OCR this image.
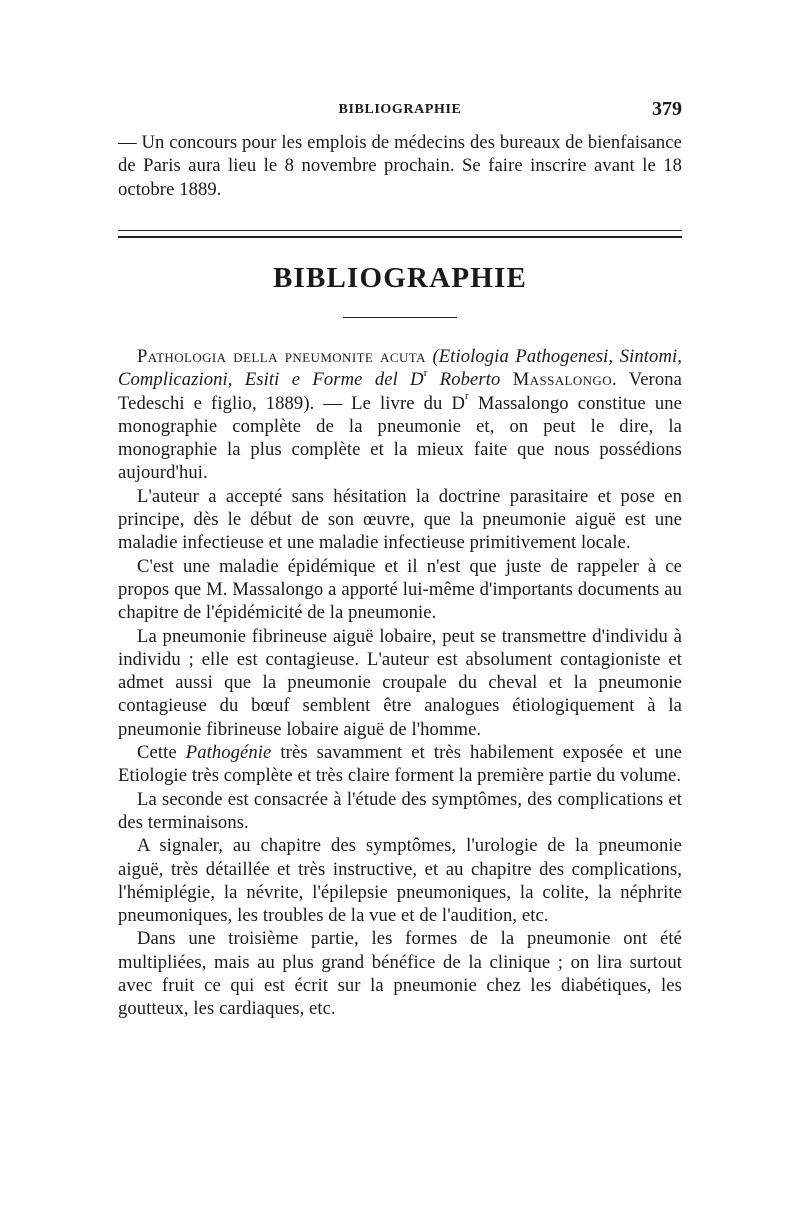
BIBLIOGRAPHIE	379

— Un concours pour les emplois de médecins des bureaux de bienfaisance de Paris aura lieu le 8 novembre prochain. Se faire inscrire avant le 18 octobre 1889.

BIBLIOGRAPHIE

Pathologia della pneumonite acuta (Etiologia Pathogenesi, Sintomi, Complicazioni, Esiti e Forme del $D^r$ Roberto Massalongo. Verona Tedeschi e figlio, 1889). — Le livre du $D^r$ Massalongo constitue une monographie complète de la pneumonie et, on peut le dire, la monographie la plus complète et la mieux faite que nous possédions aujourd'hui.

L'auteur a accepté sans hésitation la doctrine parasitaire et pose en principe, dès le début de son œuvre, que la pneumonie aiguë est une maladie infectieuse et une maladie infectieuse primitivement locale.

C'est une maladie épidémique et il n'est que juste de rappeler à ce propos que M. Massalongo a apporté lui-même d'importants documents au chapitre de l'épidémicité de la pneumonie.

La pneumonie fibrineuse aiguë lobaire, peut se transmettre d'individu à individu ; elle est contagieuse. L'auteur est absolument contagioniste et admet aussi que la pneumonie croupale du cheval et la pneumonie contagieuse du bœuf semblent être analogues étiologiquement à la pneumonie fibrineuse lobaire aiguë de l'homme.

Cette Pathogénie très savamment et très habilement exposée et une Etiologie très complète et très claire forment la première partie du volume.

La seconde est consacrée à l'étude des symptômes, des complications et des terminaisons.

A signaler, au chapitre des symptômes, l'urologie de la pneumonie aiguë, très détaillée et très instructive, et au chapitre des complications, l'hémiplégie, la névrite, l'épilepsie pneumoniques, la colite, la néphrite pneumoniques, les troubles de la vue et de l'audition, etc.

Dans une troisième partie, les formes de la pneumonie ont été multipliées, mais au plus grand bénéfice de la clinique ; on lira surtout avec fruit ce qui est écrit sur la pneumonie chez les diabétiques, les goutteux, les cardiaques, etc.
